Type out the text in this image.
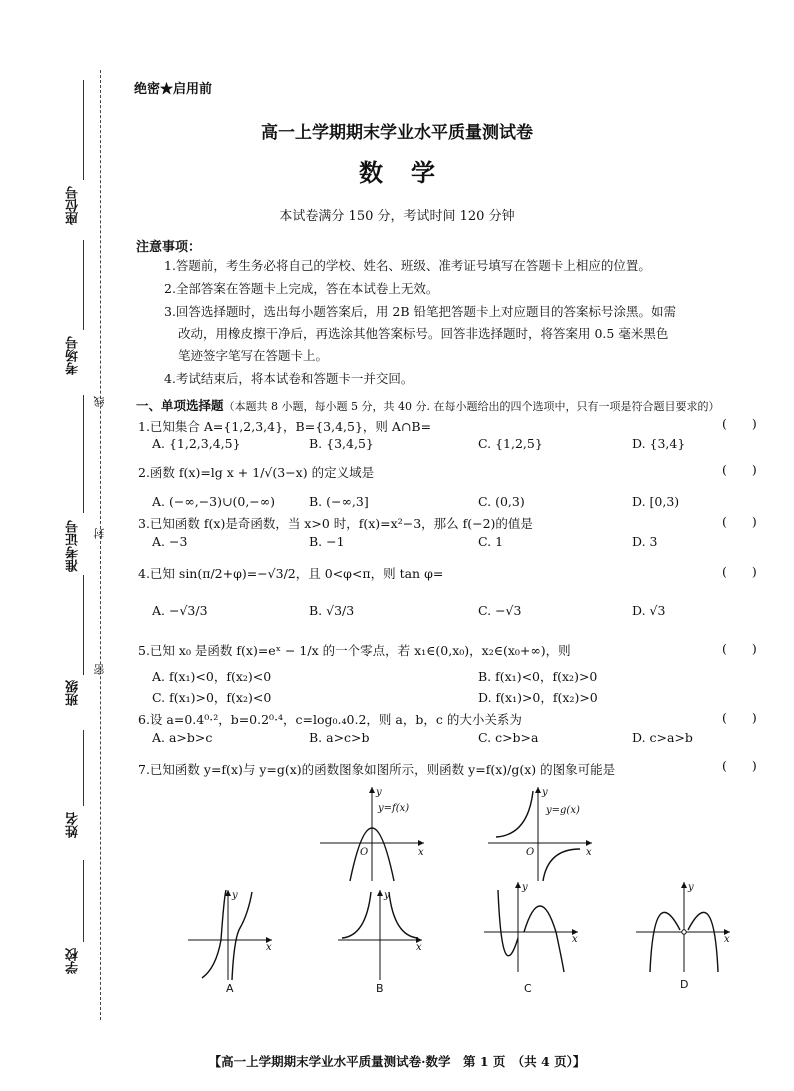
座位号
考场号
准考证号
班级
姓名
学校
线
封
密
绝密★启用前
高一上学期期末学业水平质量测试卷
数学
本试卷满分 150 分，考试时间 120 分钟
注意事项：
1.答题前，考生务必将自己的学校、姓名、班级、准考证号填写在答题卡上相应的位置。
2.全部答案在答题卡上完成，答在本试卷上无效。
3.回答选择题时，选出每小题答案后，用 2B 铅笔把答题卡上对应题目的答案标号涂黑。如需
改动，用橡皮擦干净后，再选涂其他答案标号。回答非选择题时，将答案用 0.5 毫米黑色
笔迹签字笔写在答题卡上。
4.考试结束后，将本试卷和答题卡一并交回。
一、单项选择题（本题共 8 小题，每小题 5 分，共 40 分. 在每小题给出的四个选项中，只有一项是符合题目要求的）
1.已知集合 A={1,2,3,4}，B={3,4,5}，则 A∩B=	(　　)
A. {1,2,3,4,5}	B. {3,4,5}	C. {1,2,5}	D. {3,4}
2.函数 f(x)=lg x + 1/√(3−x) 的定义域是	(　　)
A. (−∞,−3)∪(0,−∞)	B. (−∞,3]	C. (0,3)	D. [0,3)
3.已知函数 f(x)是奇函数，当 x>0 时，f(x)=x²−3，那么 f(−2)的值是	(　　)
A. −3	B. −1	C. 1	D. 3
4.已知 sin(π/2+φ)=−√3/2，且 0<φ<π，则 tan φ=	(　　)
A. −√3/3	B. √3/3	C. −√3	D. √3
5.已知 x₀ 是函数 f(x)=eˣ − 1/x 的一个零点，若 x₁∈(0,x₀)，x₂∈(x₀+∞)，则	(　　)
A. f(x₁)<0，f(x₂)<0	B. f(x₁)<0，f(x₂)>0
C. f(x₁)>0，f(x₂)<0	D. f(x₁)>0，f(x₂)>0
6.设 a=0.4⁰·²，b=0.2⁰·⁴，c=log₀.₄0.2，则 a，b，c 的大小关系为	(　　)
A. a>b>c	B. a>c>b	C. c>b>a	D. c>a>b
7.已知函数 y=f(x)与 y=g(x)的函数图象如图所示，则函数 y=f(x)/g(x) 的图象可能是	(　　)
y
x
O
y=f(x)
y
x
O
y=g(x)
y
x
A
y
x
B
y
x
C
y
x
D
【高一上学期期末学业水平质量测试卷·数学　第 1 页　（共 4 页）】
